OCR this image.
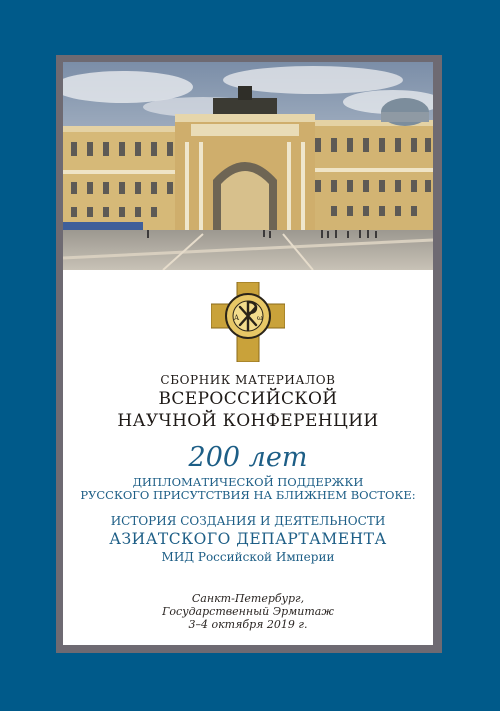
A	ω
СБОРНИК МАТЕРИАЛОВ
ВСЕРОССИЙСКОЙ
НАУЧНОЙ КОНФЕРЕНЦИИ
200 лет
ДИПЛОМАТИЧЕСКОЙ ПОДДЕРЖКИ
РУССКОГО ПРИСУТСТВИЯ НА БЛИЖНЕМ ВОСТОКЕ:
ИСТОРИЯ СОЗДАНИЯ И ДЕЯТЕЛЬНОСТИ
АЗИАТСКОГО ДЕПАРТАМЕНТА
МИД Российской Империи
Санкт-Петербург,
Государственный Эрмитаж
3–4 октября 2019 г.
